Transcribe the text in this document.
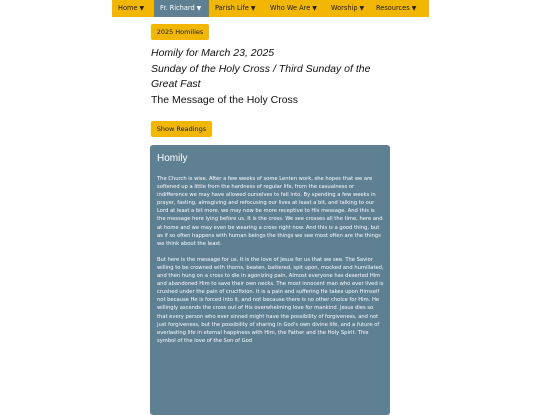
Home ▼	Fr. Richard ▼	Parish Life ▼	Who We Are ▼	Worship ▼	Resources ▼
2025 Homilies
Homily for March 23, 2025
Sunday of the Holy Cross / Third Sunday of the Great Fast
The Message of the Holy Cross
Show Readings
Homily

The Church is wise. After a few weeks of some Lenten work, she hopes that we are softened up a little from the hardness of regular life, from the casualness or indifference we may have allowed ourselves to fall into. By spending a few weeks in prayer, fasting, almsgiving and refocusing our lives at least a bit, and talking to our Lord at least a bit more, we may now be more receptive to His message. And this is the message here lying before us. It is the cross. We see crosses all the time, here and at home and we may even be wearing a cross right now. And this is a good thing, but as if so often happens with human beings the things we see most often are the things we think about the least.

But here is the message for us. It is the love of Jesus for us that we see. The Savior willing to be crowned with thorns, beaten, battered, spit upon, mocked and humiliated, and then hung on a cross to die in agonizing pain. Almost everyone has deserted Him and abandoned Him to save their own necks. The most innocent man who ever lived is crushed under the pain of crucifixion. It is a pain and suffering He takes upon Himself not because He is forced into it, and not because there is no other choice for Him. He willingly ascends the cross out of His overwhelming love for mankind. Jesus dies so that every person who ever sinned might have the possibility of forgiveness, and not just forgiveness, but the possibility of sharing in God's own divine life, and a future of everlasting life in eternal happiness with Him, the Father and the Holy Spirit. This symbol of the love of the Son of God
